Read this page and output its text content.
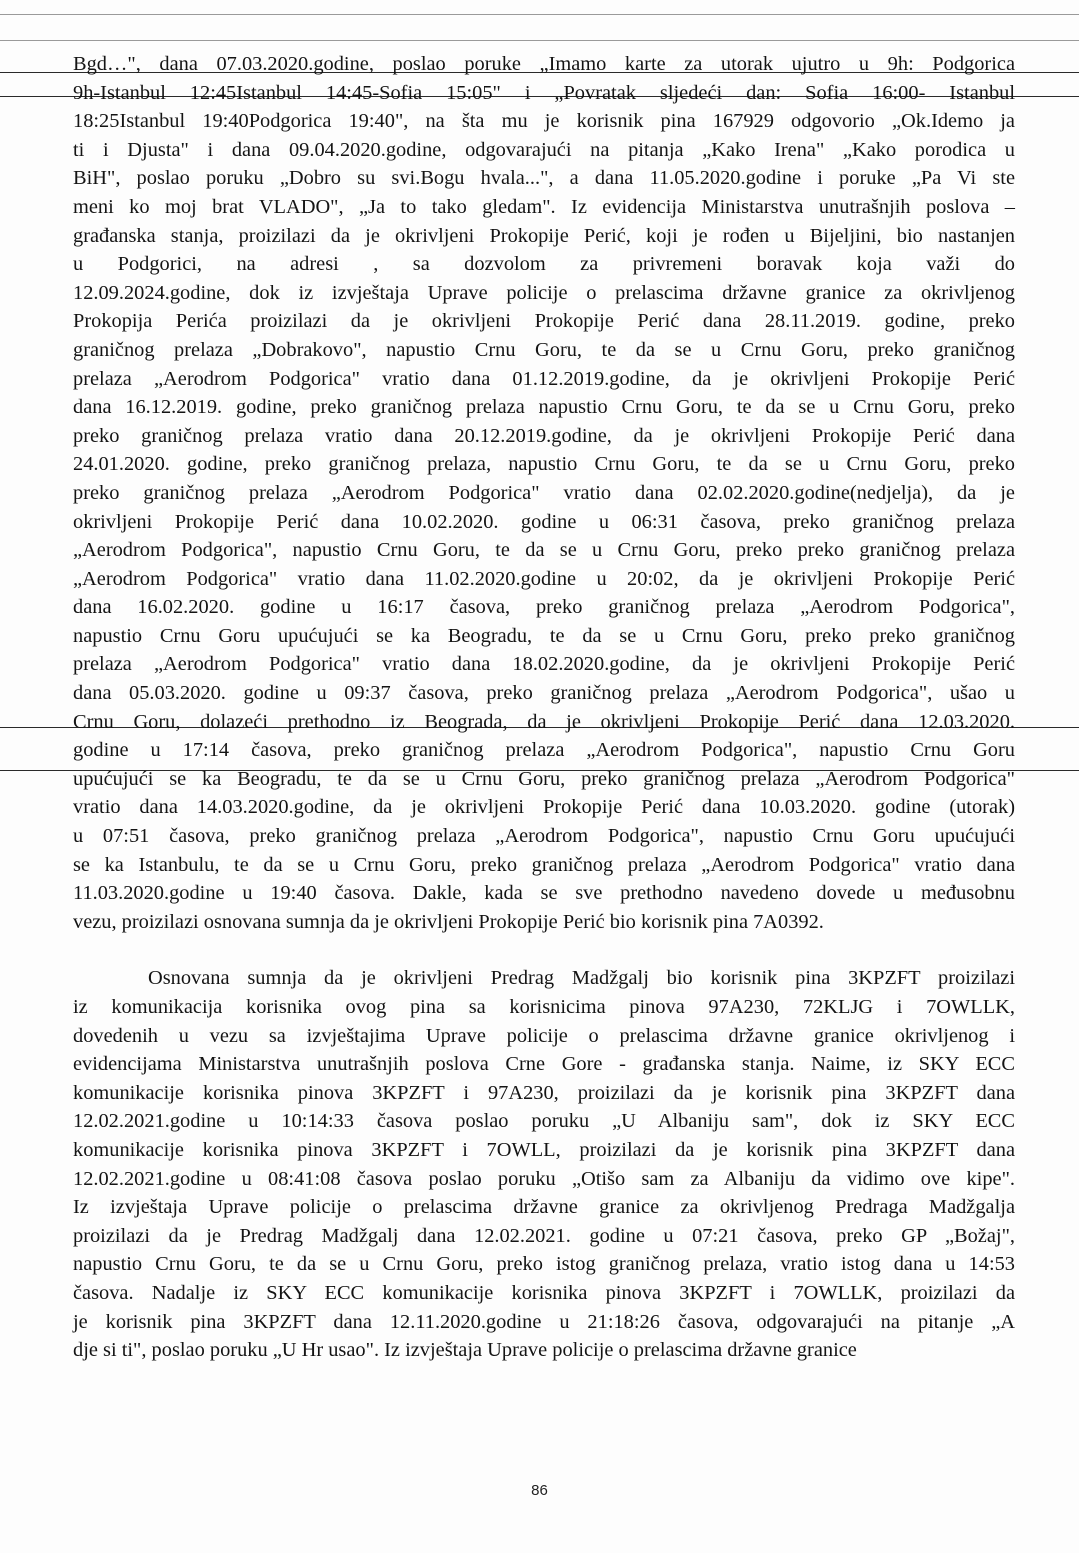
Bgd…", dana 07.03.2020.godine, poslao poruke „Imamo karte za utorak ujutro u 9h: Podgorica
9h-Istanbul 12:45Istanbul 14:45-Sofia 15:05" i „Povratak sljedeći dan: Sofia 16:00- Istanbul
18:25Istanbul 19:40Podgorica 19:40", na šta mu je korisnik pina 167929 odgovorio „Ok.Idemo ja
ti i Djusta" i dana 09.04.2020.godine, odgovarajući na pitanja „Kako Irena" „Kako porodica u
BiH", poslao poruku „Dobro su svi.Bogu hvala...", a dana 11.05.2020.godine i poruke „Pa Vi ste
meni ko moj brat VLADO", „Ja to tako gledam". Iz evidencija Ministarstva unutrašnjih poslova –
građanska stanja, proizilazi da je okrivljeni Prokopije Perić, koji je rođen u Bijeljini, bio nastanjen
u Podgorici, na adresi , sa dozvolom za privremeni boravak koja važi do
12.09.2024.godine, dok iz izvještaja Uprave policije o prelascima državne granice za okrivljenog
Prokopija Perića proizilazi da je okrivljeni Prokopije Perić dana 28.11.2019. godine, preko
graničnog prelaza „Dobrakovo", napustio Crnu Goru, te da se u Crnu Goru, preko graničnog
prelaza „Aerodrom Podgorica" vratio dana 01.12.2019.godine, da je okrivljeni Prokopije Perić
dana 16.12.2019. godine, preko graničnog prelaza napustio Crnu Goru, te da se u Crnu Goru, preko
preko graničnog prelaza vratio dana 20.12.2019.godine, da je okrivljeni Prokopije Perić dana
24.01.2020. godine, preko graničnog prelaza, napustio Crnu Goru, te da se u Crnu Goru, preko
preko graničnog prelaza „Aerodrom Podgorica" vratio dana 02.02.2020.godine(nedjelja), da je
okrivljeni Prokopije Perić dana 10.02.2020. godine u 06:31 časova, preko graničnog prelaza
„Aerodrom Podgorica", napustio Crnu Goru, te da se u Crnu Goru, preko preko graničnog prelaza
„Aerodrom Podgorica" vratio dana 11.02.2020.godine u 20:02, da je okrivljeni Prokopije Perić
dana 16.02.2020. godine u 16:17 časova, preko graničnog prelaza „Aerodrom Podgorica",
napustio Crnu Goru upućujući se ka Beogradu, te da se u Crnu Goru, preko preko graničnog
prelaza „Aerodrom Podgorica" vratio dana 18.02.2020.godine, da je okrivljeni Prokopije Perić
dana 05.03.2020. godine u 09:37 časova, preko graničnog prelaza „Aerodrom Podgorica", ušao u
Crnu Goru, dolazeći prethodno iz Beograda, da je okrivljeni Prokopije Perić dana 12.03.2020.
godine u 17:14 časova, preko graničnog prelaza „Aerodrom Podgorica", napustio Crnu Goru
upućujući se ka Beogradu, te da se u Crnu Goru, preko graničnog prelaza „Aerodrom Podgorica"
vratio dana 14.03.2020.godine, da je okrivljeni Prokopije Perić dana 10.03.2020. godine (utorak)
u 07:51 časova, preko graničnog prelaza „Aerodrom Podgorica", napustio Crnu Goru upućujući
se ka Istanbulu, te da se u Crnu Goru, preko graničnog prelaza „Aerodrom Podgorica" vratio dana
11.03.2020.godine u 19:40 časova. Dakle, kada se sve prethodno navedeno dovede u međusobnu
vezu, proizilazi osnovana sumnja da je okrivljeni Prokopije Perić bio korisnik pina 7A0392.
Osnovana sumnja da je okrivljeni Predrag Madžgalj bio korisnik pina 3KPZFT proizilazi
iz komunikacija korisnika ovog pina sa korisnicima pinova 97A230, 72KLJG i 7OWLLK,
dovedenih u vezu sa izvještajima Uprave policije o prelascima državne granice okrivljenog i
evidencijama Ministarstva unutrašnjih poslova Crne Gore - građanska stanja. Naime, iz SKY ECC
komunikacije korisnika pinova 3KPZFT i 97A230, proizilazi da je korisnik pina 3KPZFT dana
12.02.2021.godine u 10:14:33 časova poslao poruku „U Albaniju sam", dok iz SKY ECC
komunikacije korisnika pinova 3KPZFT i 7OWLL, proizilazi da je korisnik pina 3KPZFT dana
12.02.2021.godine u 08:41:08 časova poslao poruku „Otišo sam za Albaniju da vidimo ove kipe".
Iz izvještaja Uprave policije o prelascima državne granice za okrivljenog Predraga Madžgalja
proizilazi da je Predrag Madžgalj dana 12.02.2021. godine u 07:21 časova, preko GP „Božaj",
napustio Crnu Goru, te da se u Crnu Goru, preko istog graničnog prelaza, vratio istog dana u 14:53
časova. Nadalje iz SKY ECC komunikacije korisnika pinova 3KPZFT i 7OWLLK, proizilazi da
je korisnik pina 3KPZFT dana 12.11.2020.godine u 21:18:26 časova, odgovarajući na pitanje „A
dje si ti", poslao poruku „U Hr usao". Iz izvještaja Uprave policije o prelascima državne granice
86
